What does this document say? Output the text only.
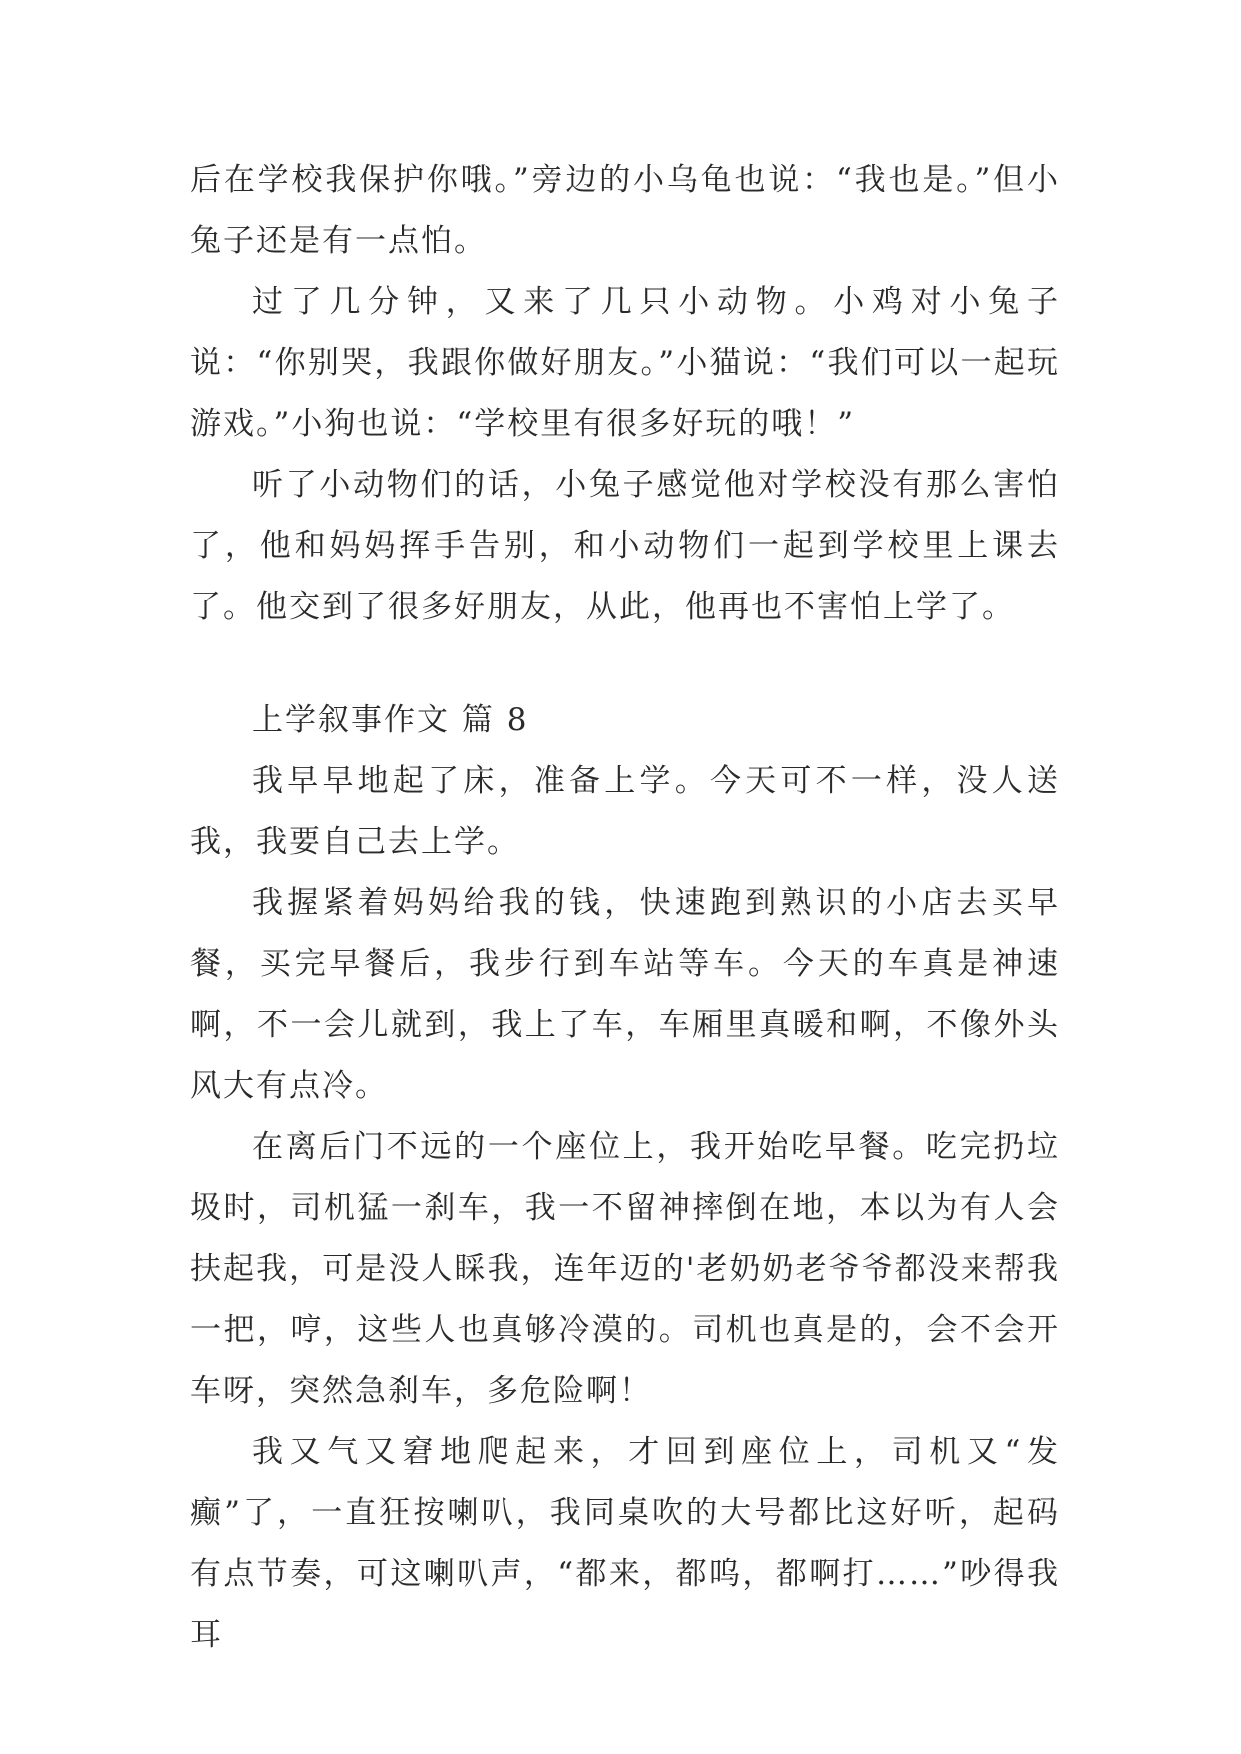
后在学校我保护你哦。”旁边的小乌龟也说：“我也是。”但小兔子还是有一点怕。

过了几分钟，又来了几只小动物。小鸡对小兔子说：“你别哭，我跟你做好朋友。”小猫说：“我们可以一起玩游戏。”小狗也说：“学校里有很多好玩的哦！”

听了小动物们的话，小兔子感觉他对学校没有那么害怕了，他和妈妈挥手告别，和小动物们一起到学校里上课去了。他交到了很多好朋友，从此，他再也不害怕上学了。

上学叙事作文 篇 8

我早早地起了床，准备上学。今天可不一样，没人送我，我要自己去上学。

我握紧着妈妈给我的钱，快速跑到熟识的小店去买早餐，买完早餐后，我步行到车站等车。今天的车真是神速啊，不一会儿就到，我上了车，车厢里真暖和啊，不像外头风大有点冷。

在离后门不远的一个座位上，我开始吃早餐。吃完扔垃圾时，司机猛一刹车，我一不留神摔倒在地，本以为有人会扶起我，可是没人睬我，连年迈的'老奶奶老爷爷都没来帮我一把，哼，这些人也真够冷漠的。司机也真是的，会不会开车呀，突然急刹车，多危险啊！

我又气又窘地爬起来，才回到座位上，司机又“发癫”了，一直狂按喇叭，我同桌吹的大号都比这好听，起码有点节奏，可这喇叭声，“都来，都呜，都啊打……”吵得我耳
